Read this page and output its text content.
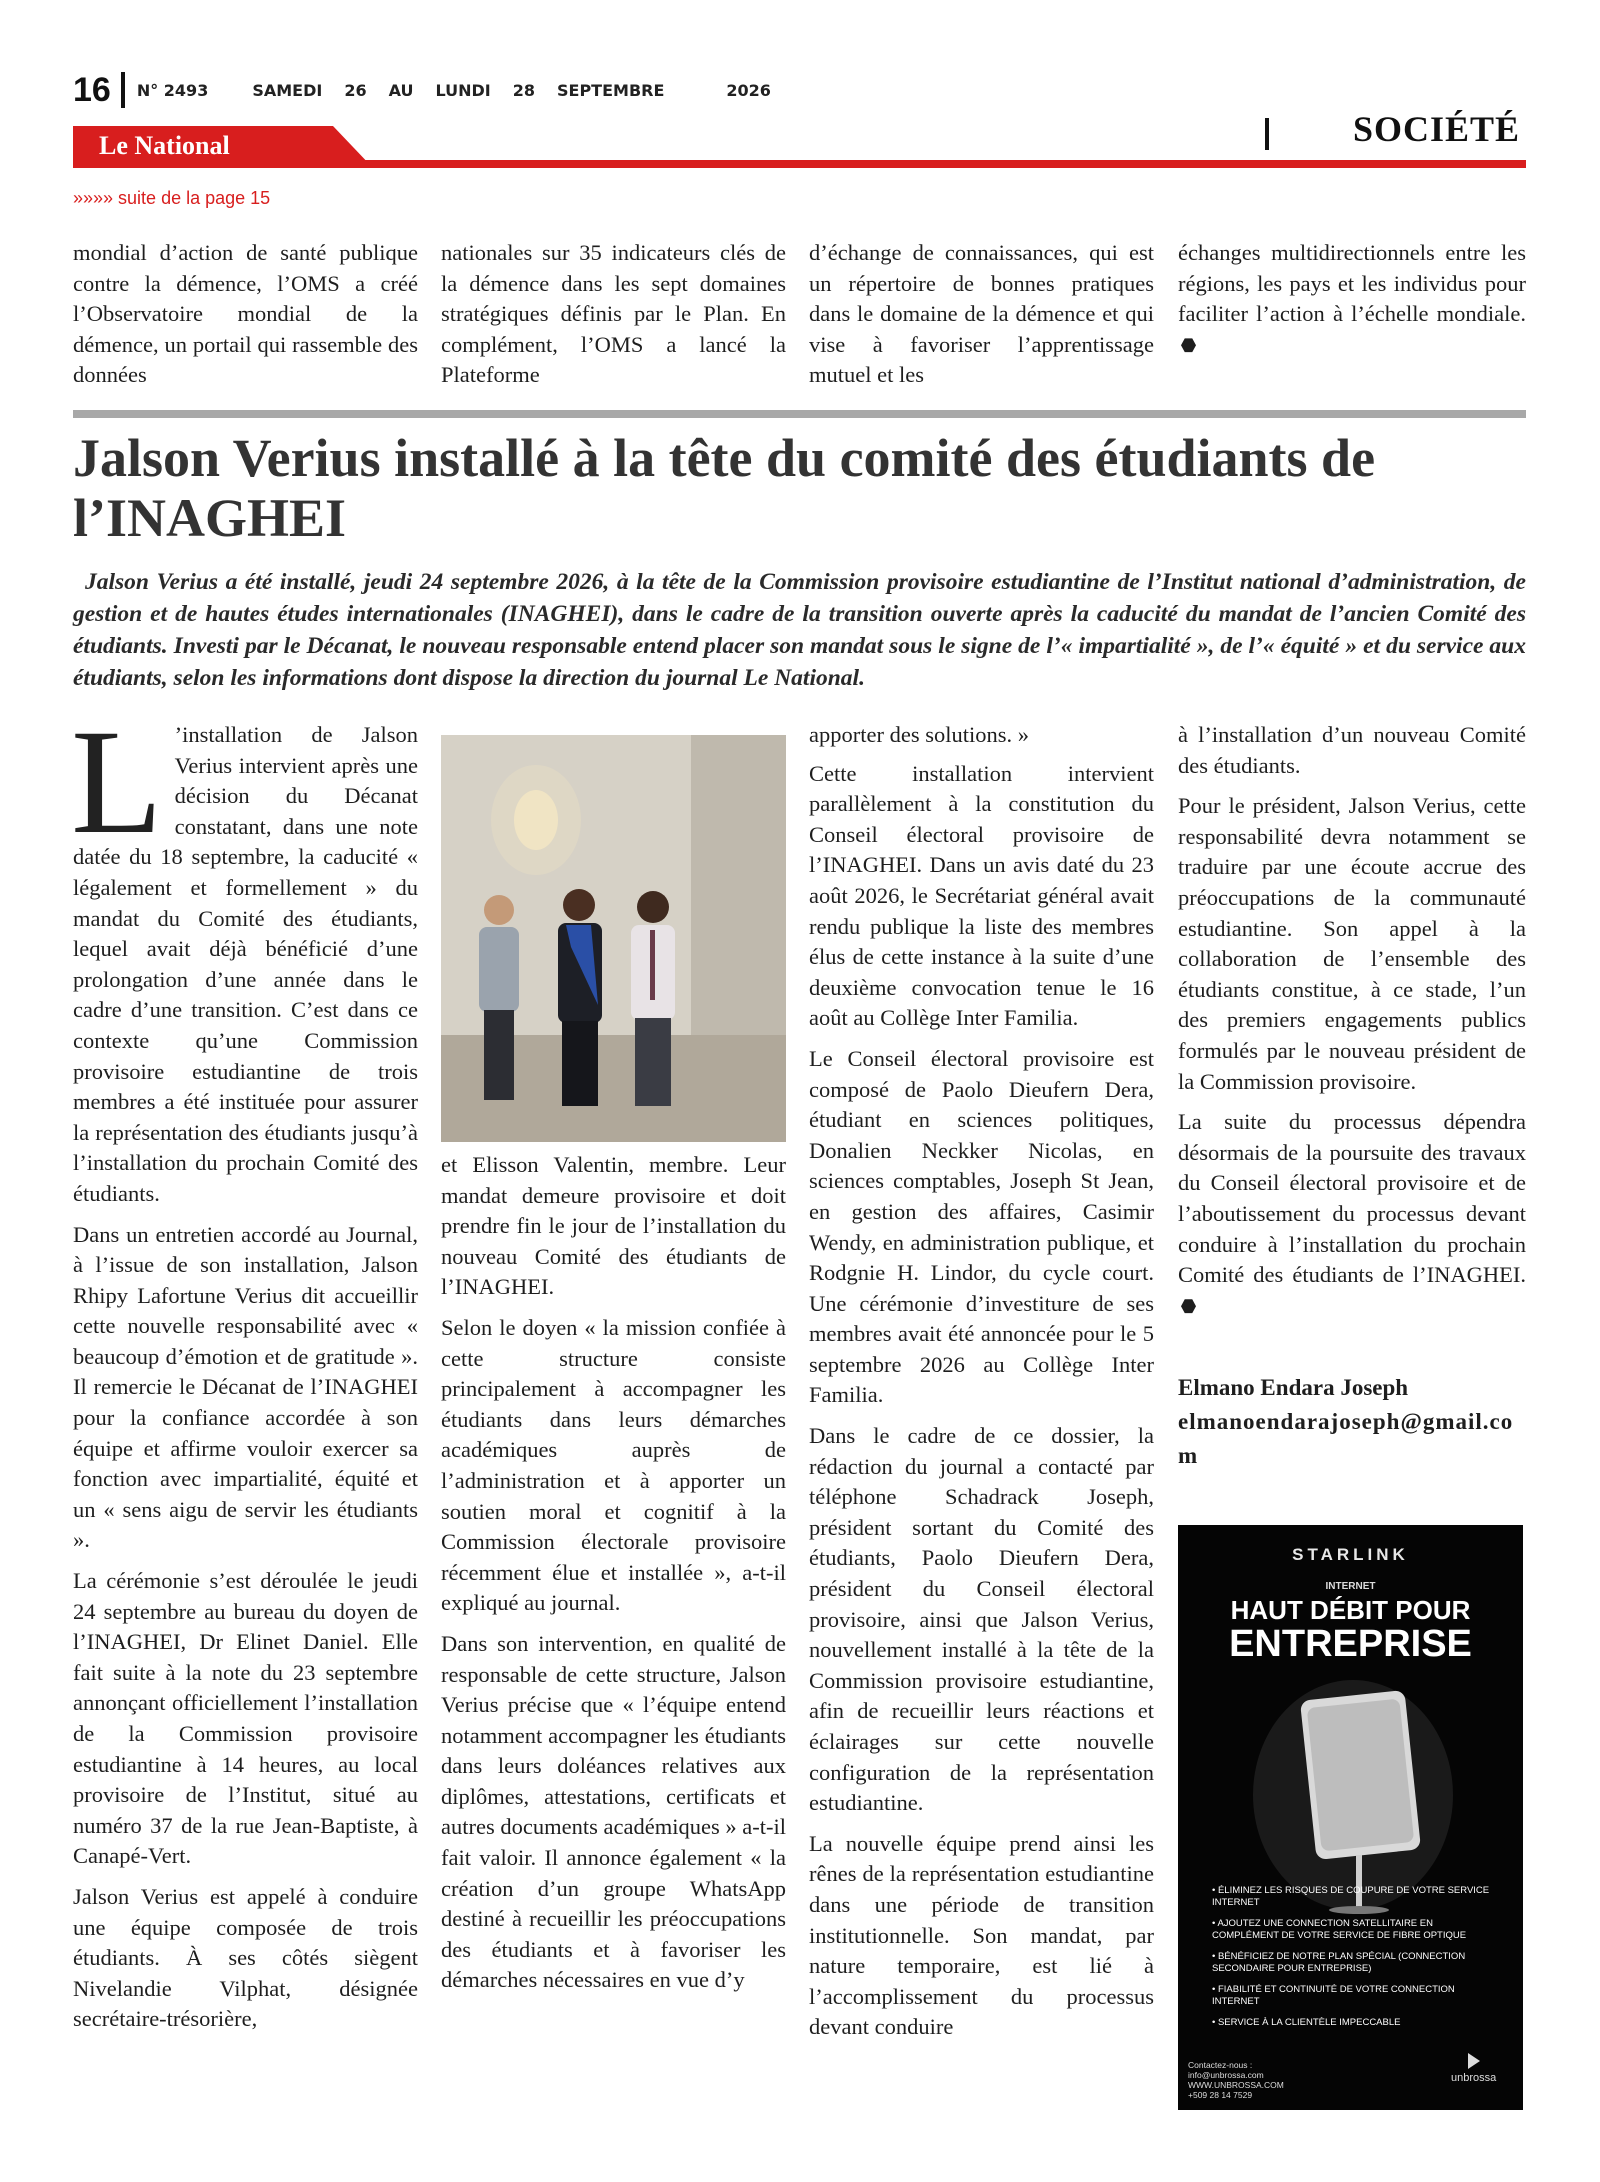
16 N° 2493	SAMEDI 26 AU LUNDI 28 SEPTEMBRE	2026
Le National	SOCIÉTÉ
»»»» suite de la page 15

mondial d’action de santé publique contre la démence, l’OMS a créé l’Observatoire mondial de la démence, un portail qui rassemble des données

nationales sur 35 indicateurs clés de la démence dans les sept domaines stratégiques définis par le Plan. En complément, l’OMS a lancé la Plateforme

d’échange de connaissances, qui est un répertoire de bonnes pratiques dans le domaine de la démence et qui vise à favoriser l’apprentissage mutuel et les

échanges multidirectionnels entre les régions, les pays et les individus pour faciliter l’action à l’échelle mondiale.

Jalson Verius installé à la tête du comité des étudiants de l’INAGHEI

Jalson Verius a été installé, jeudi 24 septembre 2026, à la tête de la Commission provisoire estudiantine de l’Institut national d’administration, de gestion et de hautes études internationales (INAGHEI), dans le cadre de la transition ouverte après la caducité du mandat de l’ancien Comité des étudiants. Investi par le Décanat, le nouveau responsable entend placer son mandat sous le signe de l’« impartialité », de l’« équité » et du service aux étudiants, selon les informations dont dispose la direction du journal Le National.

L ’installation de Jalson Verius intervient après une décision du Décanat constatant, dans une note datée du 18 septembre, la caducité « légalement et formellement » du mandat du Comité des étudiants, lequel avait déjà bénéficié d’une prolongation d’une année dans le cadre d’une transition. C’est dans ce contexte qu’une Commission provisoire estudiantine de trois membres a été instituée pour assurer la représentation des étudiants jusqu’à l’installation du prochain Comité des étudiants.

Dans un entretien accordé au Journal, à l’issue de son installation, Jalson Rhipy Lafortune Verius dit accueillir cette nouvelle responsabilité avec « beaucoup d’émotion et de gratitude ». Il remercie le Décanat de l’INAGHEI pour la confiance accordée à son équipe et affirme vouloir exercer sa fonction avec impartialité, équité et un « sens aigu de servir les étudiants ».

La cérémonie s’est déroulée le jeudi 24 septembre au bureau du doyen de l’INAGHEI, Dr Elinet Daniel. Elle fait suite à la note du 23 septembre annonçant officiellement l’installation de la Commission provisoire estudiantine à 14 heures, au local provisoire de l’Institut, situé au numéro 37 de la rue Jean-Baptiste, à Canapé-Vert.

Jalson Verius est appelé à conduire une équipe composée de trois étudiants. À ses côtés siègent Nivelandie Vilphat, désignée secrétaire-trésorière,

et Elisson Valentin, membre. Leur mandat demeure provisoire et doit prendre fin le jour de l’installation du nouveau Comité des étudiants de l’INAGHEI.

Selon le doyen « la mission confiée à cette structure consiste principalement à accompagner les étudiants dans leurs démarches académiques auprès de l’administration et à apporter un soutien moral et cognitif à la Commission électorale provisoire récemment élue et installée », a-t-il expliqué au journal.

Dans son intervention, en qualité de responsable de cette structure, Jalson Verius précise que « l’équipe entend notamment accompagner les étudiants dans leurs doléances relatives aux diplômes, attestations, certificats et autres documents académiques » a-t-il fait valoir. Il annonce également « la création d’un groupe WhatsApp destiné à recueillir les préoccupations des étudiants et à favoriser les démarches nécessaires en vue d’y

apporter des solutions. »

Cette installation intervient parallèlement à la constitution du Conseil électoral provisoire de l’INAGHEI. Dans un avis daté du 23 août 2026, le Secrétariat général avait rendu publique la liste des membres élus de cette instance à la suite d’une deuxième convocation tenue le 16 août au Collège Inter Familia.

Le Conseil électoral provisoire est composé de Paolo Dieufern Dera, étudiant en sciences politiques, Donalien Neckker Nicolas, en sciences comptables, Joseph St Jean, en gestion des affaires, Casimir Wendy, en administration publique, et Rodgnie H. Lindor, du cycle court. Une cérémonie d’investiture de ses membres avait été annoncée pour le 5 septembre 2026 au Collège Inter Familia.

Dans le cadre de ce dossier, la rédaction du journal a contacté par téléphone Schadrack Joseph, président sortant du Comité des étudiants, Paolo Dieufern Dera, président du Conseil électoral provisoire, ainsi que Jalson Verius, nouvellement installé à la tête de la Commission provisoire estudiantine, afin de recueillir leurs réactions et éclairages sur cette nouvelle configuration de la représentation estudiantine.

La nouvelle équipe prend ainsi les rênes de la représentation estudiantine dans une période de transition institutionnelle. Son mandat, par nature temporaire, est lié à l’accomplissement du processus devant conduire

à l’installation d’un nouveau Comité des étudiants.

Pour le président, Jalson Verius, cette responsabilité devra notamment se traduire par une écoute accrue des préoccupations de la communauté estudiantine. Son appel à la collaboration de l’ensemble des étudiants constitue, à ce stade, l’un des premiers engagements publics formulés par le nouveau président de la Commission provisoire.

La suite du processus dépendra désormais de la poursuite des travaux du Conseil électoral provisoire et de l’aboutissement du processus devant conduire à l’installation du prochain Comité des étudiants de l’INAGHEI.

Elmano Endara Joseph
elmanoendarajoseph@gmail.com
STARLINK
INTERNET
HAUT DÉBIT POUR
ENTREPRISE
• ÉLIMINEZ LES RISQUES DE COUPURE DE VOTRE SERVICE INTERNET
• AJOUTEZ UNE CONNECTION SATELLITAIRE EN COMPLÉMENT DE VOTRE SERVICE DE FIBRE OPTIQUE
• BÉNÉFICIEZ DE NOTRE PLAN SPÉCIAL (CONNECTION SECONDAIRE POUR ENTREPRISE)
• FIABILITÉ ET CONTINUITÉ DE VOTRE CONNECTION INTERNET
• SERVICE À LA CLIENTÈLE IMPECCABLE
Contactez-nous :
info@unbrossa.com
WWW.UNBROSSA.COM
+509 28 14 7529
unbrossa
